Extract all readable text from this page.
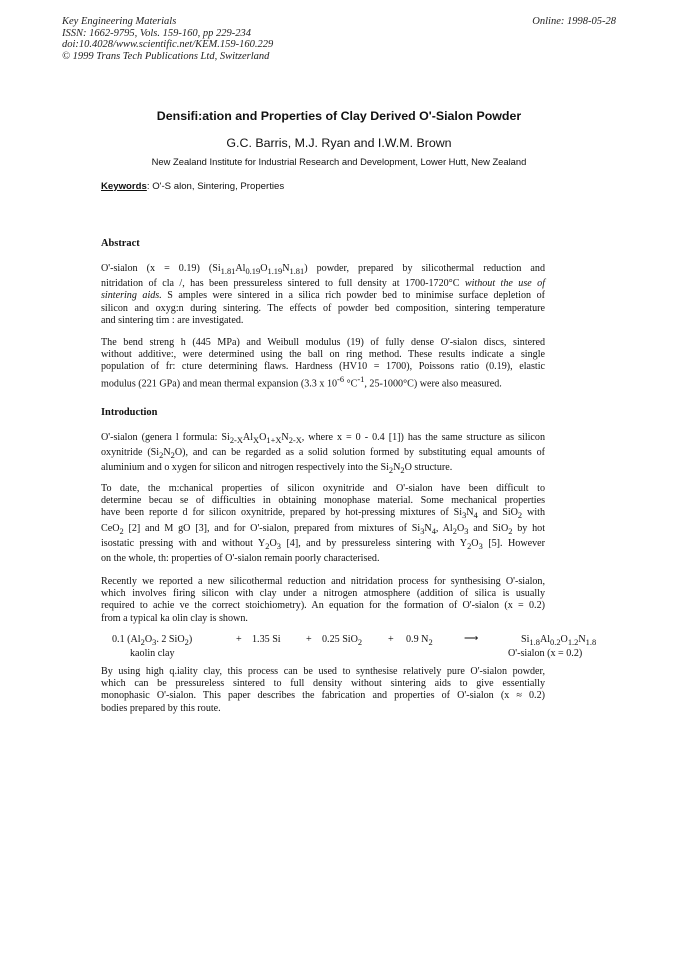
Key Engineering Materials
ISSN: 1662-9795, Vols. 159-160, pp 229-234
doi:10.4028/www.scientific.net/KEM.159-160.229
© 1999 Trans Tech Publications Ltd, Switzerland
Online: 1998-05-28
Densifi:ation and Properties of Clay Derived O'-Sialon Powder
G.C. Barris, M.J. Ryan and I.W.M. Brown
New Zealand Institute for Industrial Research and Development, Lower Hutt, New Zealand
Keywords: O'-S alon, Sintering, Properties
Abstract
O'-sialon (x = 0.19) $(Si_{1.81}Al_{0.19}O_{1.19}N_{1.81})$ powder, prepared by silicothermal reduction and
nitridation of cla /, has been pressureless sintered to full density at 1700-1720°C without the use of
sintering aids. S amples were sintered in a silica rich powder bed to minimise surface depletion of
silicon and oxyg:n during sintering. The effects of powder bed composition, sintering temperature
and sintering tim : are investigated.
The bend streng h (445 MPa) and Weibull modulus (19) of fully dense O'-sialon discs, sintered
without additive:, were determined using the ball on ring method. These results indicate a single
population of fr: cture determining flaws. Hardness (HV10 = 1700), Poissons ratio (0.19), elastic
modulus (221 GPa) and mean thermal expansion (3.3 x $10^{-6}$ $^\circ C^{-1}$, 25-1000°C) were also measured.
Introduction
O'-sialon (genera l formula: $Si_{2-X}Al_XO_{1+X}N_{2-X}$, where x = 0 - 0.4 [1]) has the same structure as silicon
oxynitride $(Si_2N_2O)$, and can be regarded as a solid solution formed by substituting equal amounts of
aluminium and o xygen for silicon and nitrogen respectively into the $Si_2N_2O$ structure.
To date, the m:chanical properties of silicon oxynitride and O'-sialon have been difficult to
determine becau se of difficulties in obtaining monophase material. Some mechanical properties
have been reporte d for silicon oxynitride, prepared by hot-pressing mixtures of $Si_3N_4$ and SiO$_2$ with
CeO$_2$ [2] and M gO [3], and for O'-sialon, prepared from mixtures of $Si_3N_4$, $Al_2O_3$ and SiO$_2$ by hot
isostatic pressing with and without $Y_2O_3$ [4], and by pressureless sintering with $Y_2O_3$ [5]. However
on the whole, th: properties of O'-sialon remain poorly characterised.
Recently we reported a new silicothermal reduction and nitridation process for synthesising O'-sialon,
which involves firing silicon with clay under a nitrogen atmosphere (addition of silica is usually
required to achie ve the correct stoichiometry). An equation for the formation of O'-sialon (x = 0.2)
from a typical ka olin clay is shown.
0.1 ($Al_2O_3$. 2 SiO$_2$)	+ 1.35 Si	+ 0.25 SiO$_2$	+ 0.9 $N_2$	⟶	$Si_{1.8}Al_{0.2}O_{1.2}N_{1.8}$
kaolin clay	O'-sialon (x = 0.2)
By using high q.iality clay, this process can be used to synthesise relatively pure O'-sialon powder,
which can be pressureless sintered to full density without sintering aids to give essentially
monophasic O'-sialon. This paper describes the fabrication and properties of O'-sialon (x ≈ 0.2)
bodies prepared by this route.
